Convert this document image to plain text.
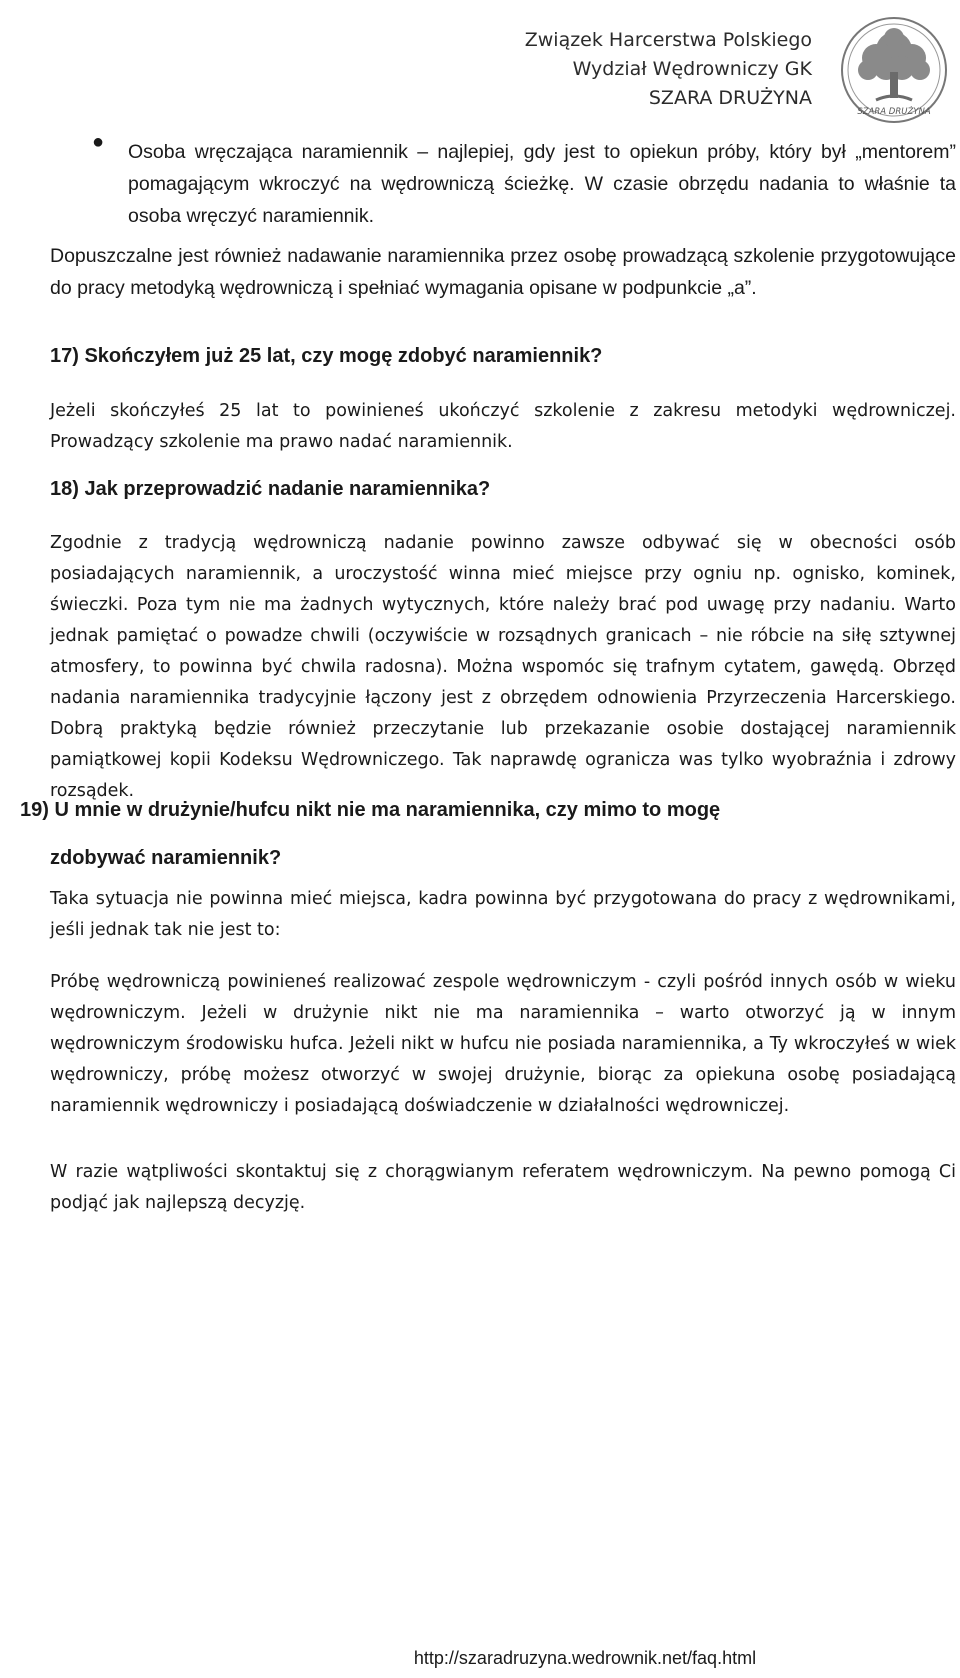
Związek Harcerstwa Polskiego
Wydział Wędrowniczy GK
SZARA DRUŻYNA
SZARA DRUŻYNA
● Osoba wręczająca naramiennik – najlepiej, gdy jest to opiekun próby, który był „mentorem” pomagającym wkroczyć na wędrowniczą ścieżkę. W czasie obrzędu nadania to właśnie ta osoba wręczyć naramiennik.
Dopuszczalne jest również nadawanie naramiennika przez osobę prowadzącą szkolenie przygotowujące do pracy metodyką wędrowniczą i spełniać wymagania opisane w podpunkcie „a”.
17) Skończyłem już 25 lat, czy mogę zdobyć naramiennik?
Jeżeli skończyłeś 25 lat to powinieneś ukończyć szkolenie z zakresu metodyki wędrowniczej. Prowadzący szkolenie ma prawo nadać naramiennik.
18) Jak przeprowadzić nadanie naramiennika?
Zgodnie z tradycją wędrowniczą nadanie powinno zawsze odbywać się w obecności osób posiadających naramiennik, a uroczystość winna mieć miejsce przy ogniu np. ognisko, kominek, świeczki. Poza tym nie ma żadnych wytycznych, które należy brać pod uwagę przy nadaniu. Warto jednak pamiętać o powadze chwili (oczywiście w rozsądnych granicach – nie róbcie na siłę sztywnej atmosfery, to powinna być chwila radosna). Można wspomóc się trafnym cytatem, gawędą. Obrzęd nadania naramiennika tradycyjnie łączony jest z obrzędem odnowienia Przyrzeczenia Harcerskiego. Dobrą praktyką będzie również przeczytanie lub przekazanie osobie dostającej naramiennik pamiątkowej kopii Kodeksu Wędrowniczego. Tak naprawdę ogranicza was tylko wyobraźnia i zdrowy rozsądek.
19) U mnie w drużynie/hufcu nikt nie ma naramiennika, czy mimo to mogę
zdobywać naramiennik?
Taka sytuacja nie powinna mieć miejsca, kadra powinna być przygotowana do pracy z wędrownikami, jeśli jednak tak nie jest to:
Próbę wędrowniczą powinieneś realizować zespole wędrowniczym - czyli pośród innych osób w wieku wędrowniczym. Jeżeli w drużynie nikt nie ma naramiennika – warto otworzyć ją w innym wędrowniczym środowisku hufca. Jeżeli nikt w hufcu nie posiada naramiennika, a Ty wkroczyłeś w wiek wędrowniczy, próbę możesz otworzyć w swojej drużynie, biorąc za opiekuna osobę posiadającą naramiennik wędrowniczy i posiadającą doświadczenie w działalności wędrowniczej.
W razie wątpliwości skontaktuj się z chorągwianym referatem wędrowniczym. Na pewno pomogą Ci podjąć jak najlepszą decyzję.
http://szaradruzyna.wedrownik.net/faq.html
